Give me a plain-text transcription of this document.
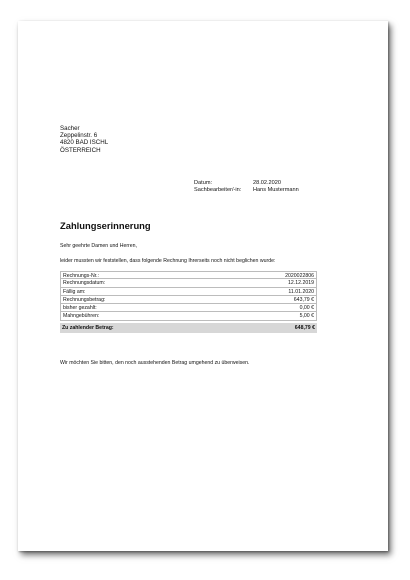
Sacher
Zeppelinstr. 6
4820 BAD ISCHL
ÖSTERREICH
Datum:	28.02.2020
Sachbearbeiter/-in:	Hans Mustermann
Zahlungserinnerung
Sehr geehrte Damen und Herren,
leider mussten wir feststellen, dass folgende Rechnung Ihrerseits noch nicht beglichen wurde:
Rechnungs-Nr.:	2020022806
Rechnungsdatum:	12.12.2019
Fällig am:	11.01.2020
Rechnungsbetrag:	643,79 €
bisher gezahlt:	0,00 €
Mahngebühren:	5,00 €
Zu zahlender Betrag:	648,79 €
Wir möchten Sie bitten, den noch ausstehenden Betrag umgehend zu überweisen.
